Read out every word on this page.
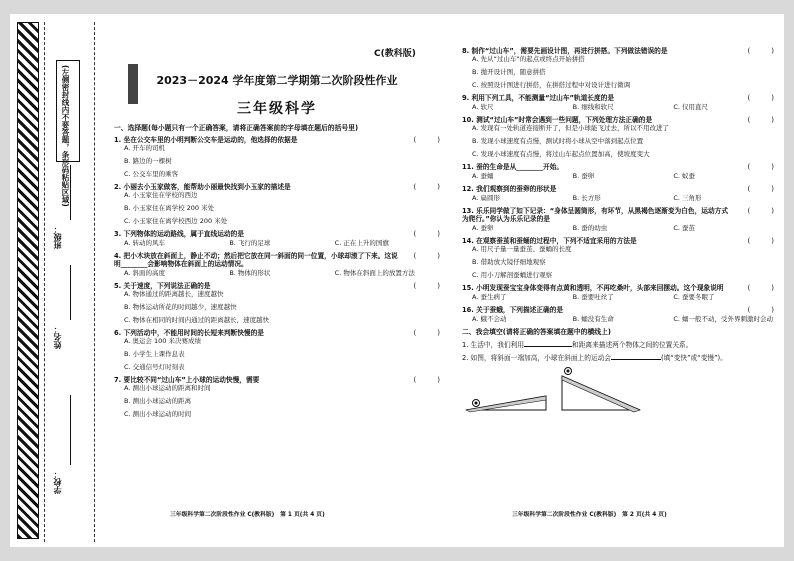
(左侧密封线内不要答题，条形码粘贴区域)
班级：
姓名：
学校：
C(教科版)

2023－2024 学年度第二学期第二次阶段性作业

三年级科学

一、选择题(每小题只有一个正确答案，请将正确答案前的字母填在题后的括号里)

1. 坐在公交车里的小明判断公交车是运动的，他选择的依据是	(　　　)

A. 开车的司机

B. 路边的一棵树

C. 公交车里的乘客

2. 小丽去小玉家做客，能帮助小丽最快找到小玉家的描述是	(　　　)

A. 小玉家住在学校的西边

B. 小玉家住在离学校 200 米处

C. 小玉家住在离学校西边 200 米处

3. 下列物体的运动路线，属于直线运动的是	(　　　)

A. 转动的风车	B. 飞行的足球	C. 正在上升的国旗

4. 把小木块放在斜面上，静止不动；然后把它放在同一斜面的同一位置，小球却滚了下来。这说明________会影响物体在斜面上的运动情况。
(　　　)

A. 斜面的高度	B. 物体的形状	C. 物体在斜面上的放置方法

5. 关于速度，下列说法正确的是	(　　　)

A. 物体通过的距离越长，速度越快

B. 物体运动所花的时间越少，速度越快

C. 物体在相同的时间内通过的距离越长，速度越快

6. 下列活动中，不能用时间的长短来判断快慢的是	(　　　)

A. 奥运会 100 米决赛成绩

B. 小学生上课作息表

C. 交通信号灯时刻表

7. 要比较不同“过山车”上小球的运动快慢，需要	(　　　)

A. 测出小球运动的距离和时间

B. 测出小球运动的距离

C. 测出小球运动的时间

8. 制作“过山车”，需要先画设计图，再进行拼搭。下列做法错误的是	(　　　)

A. 先从“过山车”的起点或终点开始拼搭

B. 拋开设计图，随意拼搭

C. 按照设计图进行拼搭，在拼搭过程中对设计进行微调

9. 利用下列工具，不能测量“过山车”轨道长度的是	(　　　)

A. 软尺	B. 细线和软尺	C. 仅用直尺

10. 测试“过山车”时常会遇到一些问题，下列处理方法正确的是	(　　　)

A. 发现有一处轨道连接断开了，但是小球能飞过去，所以不用改进了

B. 发现小球速度有点慢，测试时将小球从空中落到起点位置

C. 发现小球速度有点慢，将过山车起点位置加高，使坡度变大

11. 蚕的生命是从________开始。	(　　　)

A. 蚕蛹	B. 蚕卵	C. 蚁蚕

12. 我们观察到的蚕卵的形状是	(　　　)

A. 扁圆形	B. 长方形	C. 三角形

13. 乐乐同学做了如下记录：“身体呈圆筒形，有环节，从黑褐色逐渐变为白色，运动方式为爬行。”你认为乐乐记录的是
(　　　)

A. 蚕卵	B. 蚕的幼虫	C. 蚕茧

14. 在观察蚕茧和蚕蛹的过程中，下列不适宜采用的方法是	(　　　)

A. 用尺子量一量蚕茧、蚕蛹的长度

B. 借助放大镜仔细地观察

C. 用小刀解剖蚕蛹进行观察

15. 小明发现蚕宝宝身体变得有点黄和透明，不再吃桑叶，头部来回摆动。这个现象说明	(　　　)

A. 蚕生病了	B. 蚕要吐丝了	C. 蚕要冬眠了

16. 关于蚕蛾，下列描述正确的是	(　　　)

A. 蛾不会动	B. 蛹没有生命	C. 蛹一般不动，受外界刺激时会动

二、我会填空(请将正确的答案填在题中的横线上)

1. 生活中，我们利用	和距离来描述两个物体之间的位置关系。

2. 如图，将斜面一端加高，小球在斜面上的运动会	(填“变快”或“变慢”)。

三年级科学第二次阶段性作业 C(教科版)　第 1 页(共 4 页)	三年级科学第二次阶段性作业 C(教科版)　第 2 页(共 4 页)
